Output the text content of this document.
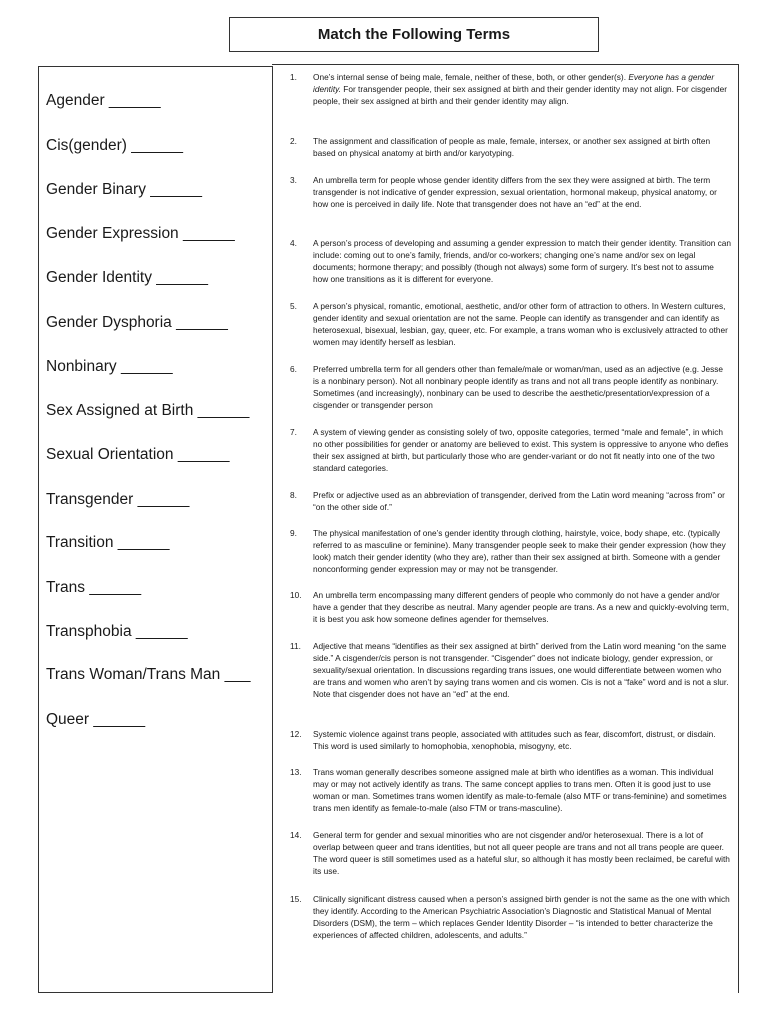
Match the Following Terms
Agender ______
Cis(gender) ______
Gender Binary ______
Gender Expression ______
Gender Identity ______
Gender Dysphoria ______
Nonbinary ______
Sex Assigned at Birth ______
Sexual Orientation ______
Transgender ______
Transition ______
Trans ______
Transphobia ______
Trans Woman/Trans Man ___
Queer ______
1. One’s internal sense of being male, female, neither of these, both, or other gender(s). Everyone has a gender identity. For transgender people, their sex assigned at birth and their gender identity may not align. For cisgender people, their sex assigned at birth and their gender identity may align.
2. The assignment and classification of people as male, female, intersex, or another sex assigned at birth often based on physical anatomy at birth and/or karyotyping.
3. An umbrella term for people whose gender identity differs from the sex they were assigned at birth. The term transgender is not indicative of gender expression, sexual orientation, hormonal makeup, physical anatomy, or how one is perceived in daily life. Note that transgender does not have an “ed” at the end.
4. A person’s process of developing and assuming a gender expression to match their gender identity. Transition can include: coming out to one’s family, friends, and/or co-workers; changing one’s name and/or sex on legal documents; hormone therapy; and possibly (though not always) some form of surgery. It’s best not to assume how one transitions as it is different for everyone.
5. A person’s physical, romantic, emotional, aesthetic, and/or other form of attraction to others. In Western cultures, gender identity and sexual orientation are not the same. People can identify as transgender and can identify as heterosexual, bisexual, lesbian, gay, queer, etc. For example, a trans woman who is exclusively attracted to other women may identify herself as lesbian.
6. Preferred umbrella term for all genders other than female/male or woman/man, used as an adjective (e.g. Jesse is a nonbinary person). Not all nonbinary people identify as trans and not all trans people identify as nonbinary. Sometimes (and increasingly), nonbinary can be used to describe the aesthetic/presentation/expression of a cisgender or transgender person
7. A system of viewing gender as consisting solely of two, opposite categories, termed “male and female”, in which no other possibilities for gender or anatomy are believed to exist. This system is oppressive to anyone who defies their sex assigned at birth, but particularly those who are gender-variant or do not fit neatly into one of the two standard categories.
8. Prefix or adjective used as an abbreviation of transgender, derived from the Latin word meaning “across from” or “on the other side of.”
9. The physical manifestation of one’s gender identity through clothing, hairstyle, voice, body shape, etc. (typically referred to as masculine or feminine). Many transgender people seek to make their gender expression (how they look) match their gender identity (who they are), rather than their sex assigned at birth. Someone with a gender nonconforming gender expression may or may not be transgender.
10. An umbrella term encompassing many different genders of people who commonly do not have a gender and/or have a gender that they describe as neutral. Many agender people are trans. As a new and quickly-evolving term, it is best you ask how someone defines agender for themselves.
11. Adjective that means “identifies as their sex assigned at birth” derived from the Latin word meaning “on the same side.” A cisgender/cis person is not transgender. “Cisgender” does not indicate biology, gender expression, or sexuality/sexual orientation. In discussions regarding trans issues, one would differentiate between women who are trans and women who aren’t by saying trans women and cis women. Cis is not a “fake” word and is not a slur. Note that cisgender does not have an “ed” at the end.
12. Systemic violence against trans people, associated with attitudes such as fear, discomfort, distrust, or disdain. This word is used similarly to homophobia, xenophobia, misogyny, etc.
13. Trans woman generally describes someone assigned male at birth who identifies as a woman. This individual may or may not actively identify as trans. The same concept applies to trans men. Often it is good just to use woman or man. Sometimes trans women identify as male-to-female (also MTF or trans-feminine) and sometimes trans men identify as female-to-male (also FTM or trans-masculine).
14. General term for gender and sexual minorities who are not cisgender and/or heterosexual. There is a lot of overlap between queer and trans identities, but not all queer people are trans and not all trans people are queer. The word queer is still sometimes used as a hateful slur, so although it has mostly been reclaimed, be careful with its use.
15. Clinically significant distress caused when a person’s assigned birth gender is not the same as the one with which they identify. According to the American Psychiatric Association’s Diagnostic and Statistical Manual of Mental Disorders (DSM), the term – which replaces Gender Identity Disorder – “is intended to better characterize the experiences of affected children, adolescents, and adults.”
